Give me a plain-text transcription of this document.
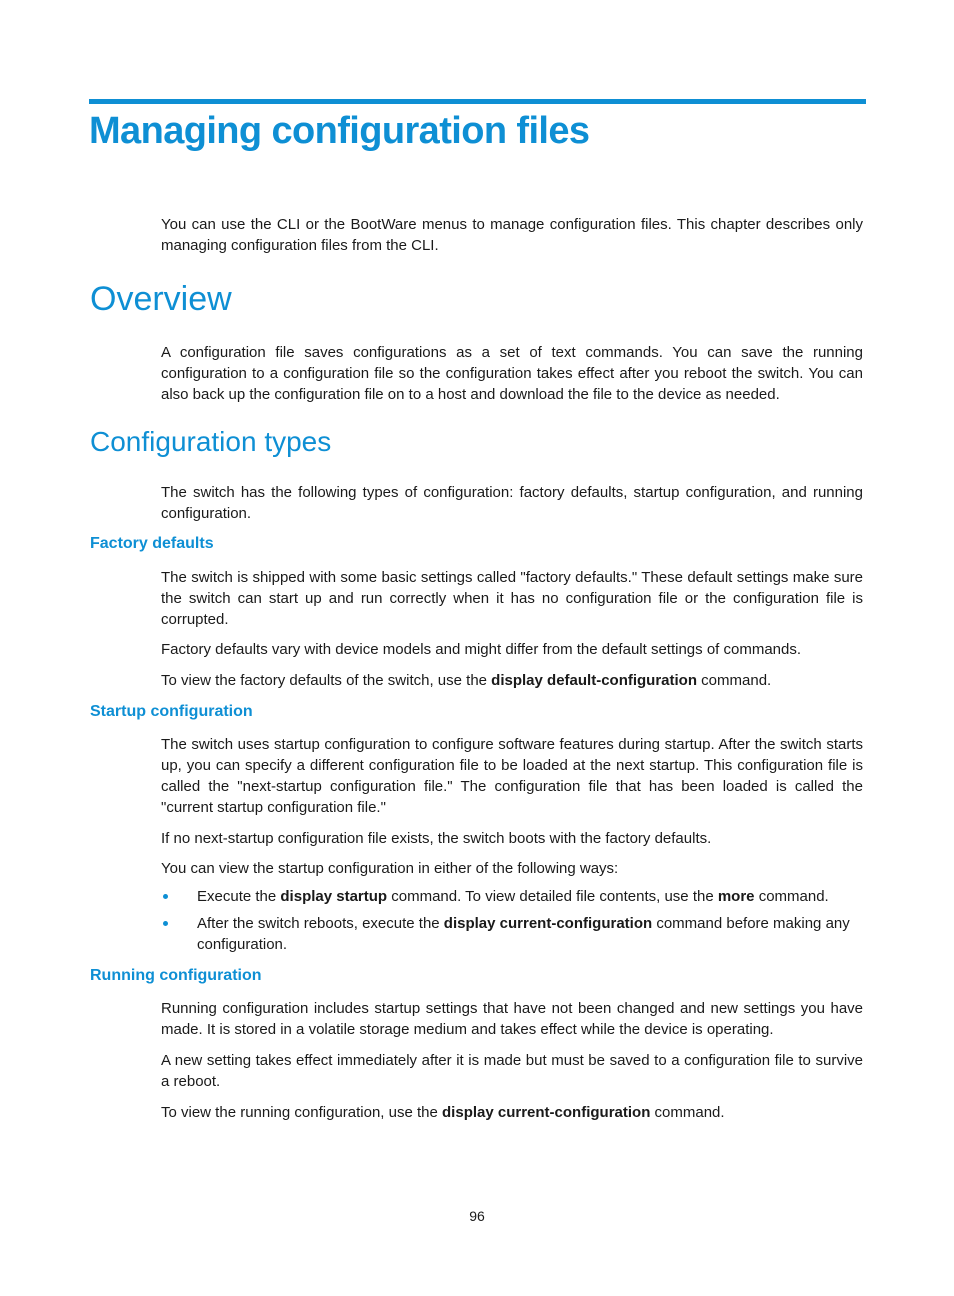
Managing configuration files

You can use the CLI or the BootWare menus to manage configuration files. This chapter describes only managing configuration files from the CLI.

Overview

A configuration file saves configurations as a set of text commands. You can save the running configuration to a configuration file so the configuration takes effect after you reboot the switch. You can also back up the configuration file on to a host and download the file to the device as needed.

Configuration types

The switch has the following types of configuration: factory defaults, startup configuration, and running configuration.

Factory defaults

The switch is shipped with some basic settings called "factory defaults." These default settings make sure the switch can start up and run correctly when it has no configuration file or the configuration file is corrupted.

Factory defaults vary with device models and might differ from the default settings of commands.

To view the factory defaults of the switch, use the display default-configuration command.

Startup configuration

The switch uses startup configuration to configure software features during startup. After the switch starts up, you can specify a different configuration file to be loaded at the next startup. This configuration file is called the "next-startup configuration file." The configuration file that has been loaded is called the "current startup configuration file."

If no next-startup configuration file exists, the switch boots with the factory defaults.

You can view the startup configuration in either of the following ways:

Execute the display startup command. To view detailed file contents, use the more command.

After the switch reboots, execute the display current-configuration command before making any configuration.

Running configuration

Running configuration includes startup settings that have not been changed and new settings you have made. It is stored in a volatile storage medium and takes effect while the device is operating.

A new setting takes effect immediately after it is made but must be saved to a configuration file to survive a reboot.

To view the running configuration, use the display current-configuration command.

96
